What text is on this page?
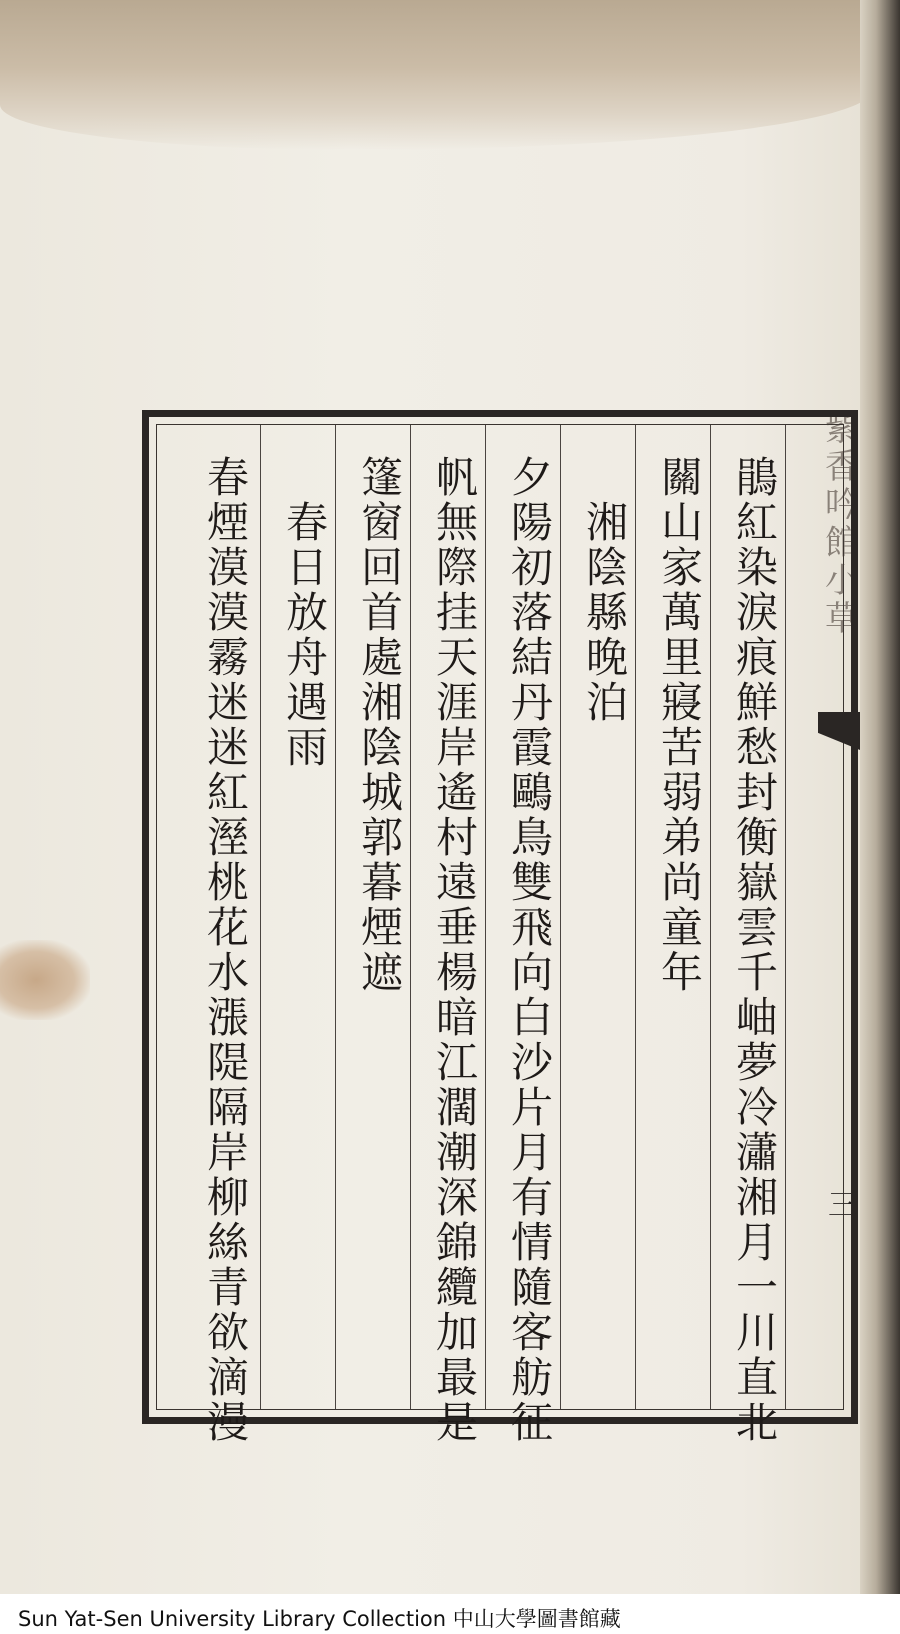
紫
香
吟
館
小
草
鵑
紅
染
淚
痕
鮮
愁
封
衡
嶽
雲
千
岫
夢
冷
瀟
湘
月
一
川
直
北
關
山
家
萬
里
寢
苦
弱
弟
尚
童
年
湘
陰
縣
晚
泊
夕
陽
初
落
結
丹
霞
鷗
鳥
雙
飛
向
白
沙
片
月
有
情
隨
客
舫
征
帆
無
際
挂
天
涯
岸
遙
村
遠
垂
楊
暗
江
濶
潮
深
錦
纜
加
最
是
篷
窗
回
首
處
湘
陰
城
郭
暮
煙
遮
春
日
放
舟
遇
雨
春
煙
漠
漠
霧
迷
迷
紅
溼
桃
花
水
漲
隄
隔
岸
柳
絲
青
欲
滴
漫
三
Sun Yat-Sen University Library Collection 中山大學圖書館藏
